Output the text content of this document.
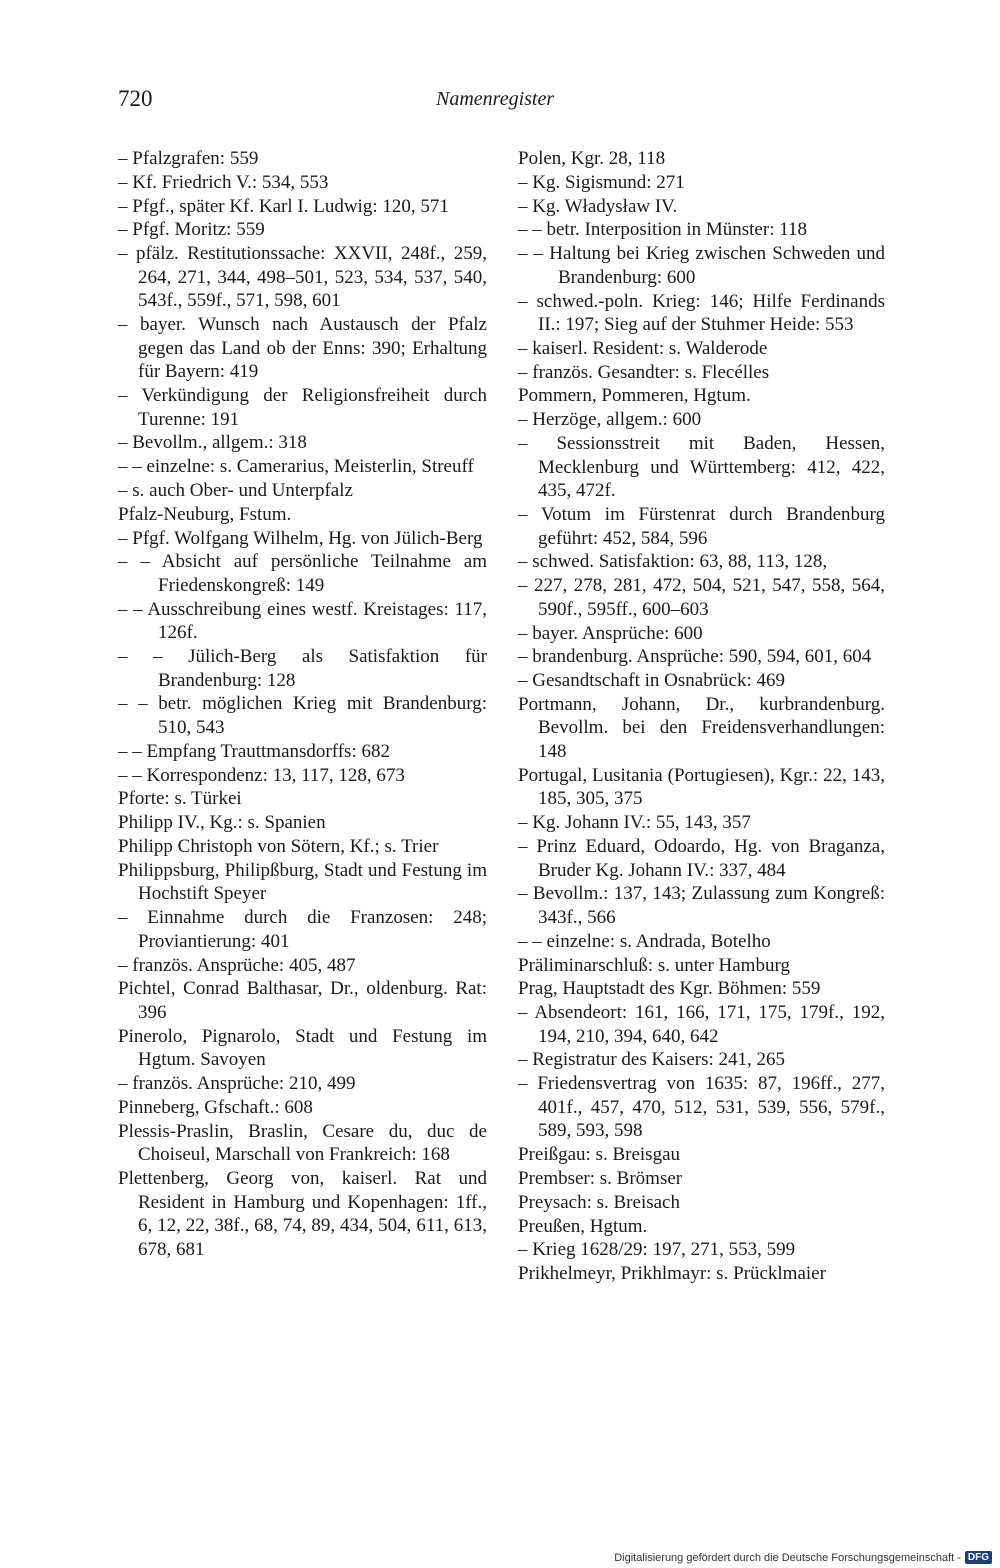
720	Namenregister
– Pfalzgrafen: 559
– Kf. Friedrich V.: 534, 553
– Pfgf., später Kf. Karl I. Ludwig: 120, 571
– Pfgf. Moritz: 559
– pfälz. Restitutionssache: XXVII, 248f., 259, 264, 271, 344, 498–501, 523, 534, 537, 540, 543f., 559f., 571, 598, 601
– bayer. Wunsch nach Austausch der Pfalz gegen das Land ob der Enns: 390; Erhaltung für Bayern: 419
– Verkündigung der Religionsfreiheit durch Turenne: 191
– Bevollm., allgem.: 318
– – einzelne: s. Camerarius, Meisterlin, Streuff
– s. auch Ober- und Unterpfalz
Pfalz-Neuburg, Fstum.
– Pfgf. Wolfgang Wilhelm, Hg. von Jülich-Berg
– – Absicht auf persönliche Teilnahme am Friedenskongreß: 149
– – Ausschreibung eines westf. Kreistages: 117, 126f.
– – Jülich-Berg als Satisfaktion für Brandenburg: 128
– – betr. möglichen Krieg mit Brandenburg: 510, 543
– – Empfang Trauttmansdorffs: 682
– – Korrespondenz: 13, 117, 128, 673
Pforte: s. Türkei
Philipp IV., Kg.: s. Spanien
Philipp Christoph von Sötern, Kf.; s. Trier
Philippsburg, Philipßburg, Stadt und Festung im Hochstift Speyer
– Einnahme durch die Franzosen: 248; Proviantierung: 401
– französ. Ansprüche: 405, 487
Pichtel, Conrad Balthasar, Dr., oldenburg. Rat: 396
Pinerolo, Pignarolo, Stadt und Festung im Hgtum. Savoyen
– französ. Ansprüche: 210, 499
Pinneberg, Gfschaft.: 608
Plessis-Praslin, Braslin, Cesare du, duc de Choiseul, Marschall von Frankreich: 168
Plettenberg, Georg von, kaiserl. Rat und Resident in Hamburg und Kopenhagen: 1ff., 6, 12, 22, 38f., 68, 74, 89, 434, 504, 611, 613, 678, 681
Polen, Kgr. 28, 118
– Kg. Sigismund: 271
– Kg. Władysław IV.
– – betr. Interposition in Münster: 118
– – Haltung bei Krieg zwischen Schweden und Brandenburg: 600
– schwed.-poln. Krieg: 146; Hilfe Ferdinands II.: 197; Sieg auf der Stuhmer Heide: 553
– kaiserl. Resident: s. Walderode
– französ. Gesandter: s. Flecélles
Pommern, Pommeren, Hgtum.
– Herzöge, allgem.: 600
– Sessionsstreit mit Baden, Hessen, Mecklenburg und Württemberg: 412, 422, 435, 472f.
– Votum im Fürstenrat durch Brandenburg geführt: 452, 584, 596
– schwed. Satisfaktion: 63, 88, 113, 128,
– 227, 278, 281, 472, 504, 521, 547, 558, 564, 590f., 595ff., 600–603
– bayer. Ansprüche: 600
– brandenburg. Ansprüche: 590, 594, 601, 604
– Gesandtschaft in Osnabrück: 469
Portmann, Johann, Dr., kurbrandenburg. Bevollm. bei den Freidensverhandlungen: 148
Portugal, Lusitania (Portugiesen), Kgr.: 22, 143, 185, 305, 375
– Kg. Johann IV.: 55, 143, 357
– Prinz Eduard, Odoardo, Hg. von Braganza, Bruder Kg. Johann IV.: 337, 484
– Bevollm.: 137, 143; Zulassung zum Kongreß: 343f., 566
– – einzelne: s. Andrada, Botelho
Präliminarschluß: s. unter Hamburg
Prag, Hauptstadt des Kgr. Böhmen: 559
– Absendeort: 161, 166, 171, 175, 179f., 192, 194, 210, 394, 640, 642
– Registratur des Kaisers: 241, 265
– Friedensvertrag von 1635: 87, 196ff., 277, 401f., 457, 470, 512, 531, 539, 556, 579f., 589, 593, 598
Preißgau: s. Breisgau
Prembser: s. Brömser
Preysach: s. Breisach
Preußen, Hgtum.
– Krieg 1628/29: 197, 271, 553, 599
Prikhelmeyr, Prikhlmayr: s. Prücklmaier
Digitalisierung gefördert durch die Deutsche Forschungsgemeinschaft - DFG
